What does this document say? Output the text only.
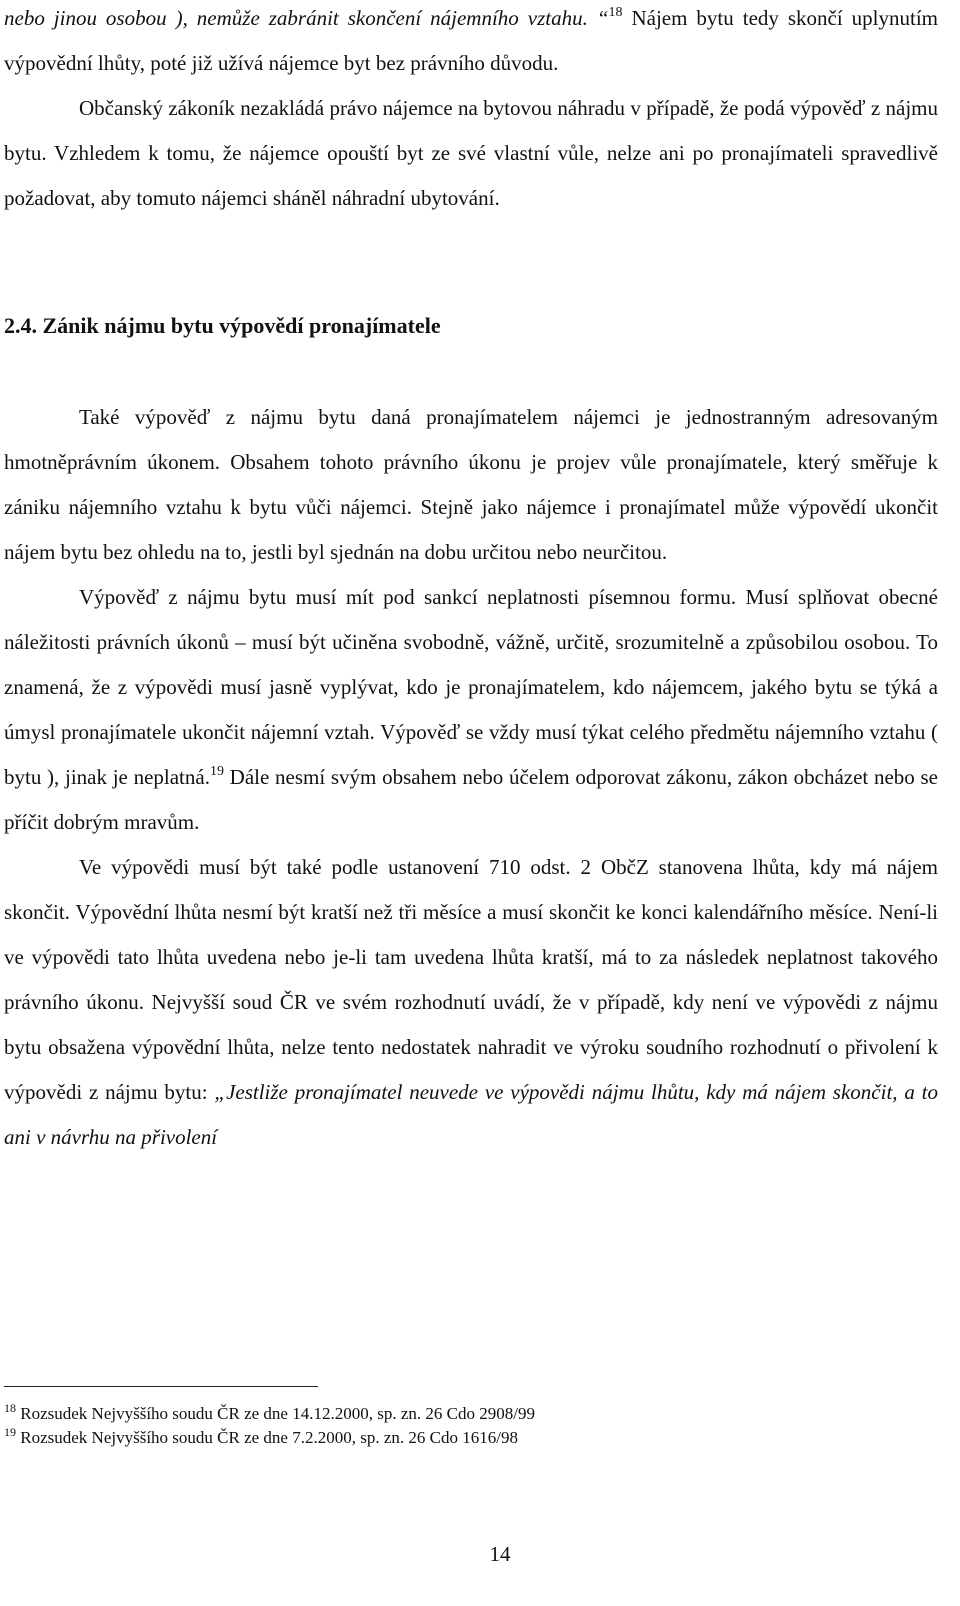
nebo jinou osobou ), nemůže zabránit skončení nájemního vztahu. “$^{18}$ Nájem bytu tedy skončí uplynutím výpovědní lhůty, poté již užívá nájemce byt bez právního důvodu.

Občanský zákoník nezakládá právo nájemce na bytovou náhradu v případě, že podá výpověď z nájmu bytu. Vzhledem k tomu, že nájemce opouští byt ze své vlastní vůle, nelze ani po pronajímateli spravedlivě požadovat, aby tomuto nájemci sháněl náhradní ubytování.

2.4. Zánik nájmu bytu výpovědí pronajímatele

Také výpověď z nájmu bytu daná pronajímatelem nájemci je jednostranným adresovaným hmotněprávním úkonem. Obsahem tohoto právního úkonu je projev vůle pronajímatele, který směřuje k zániku nájemního vztahu k bytu vůči nájemci. Stejně jako nájemce i pronajímatel může výpovědí ukončit nájem bytu bez ohledu na to, jestli byl sjednán na dobu určitou nebo neurčitou.

Výpověď z nájmu bytu musí mít pod sankcí neplatnosti písemnou formu. Musí splňovat obecné náležitosti právních úkonů – musí být učiněna svobodně, vážně, určitě, srozumitelně a způsobilou osobou. To znamená, že z výpovědi musí jasně vyplývat, kdo je pronajímatelem, kdo nájemcem, jakého bytu se týká a úmysl pronajímatele ukončit nájemní vztah. Výpověď se vždy musí týkat celého předmětu nájemního vztahu ( bytu ), jinak je neplatná.$^{19}$ Dále nesmí svým obsahem nebo účelem odporovat zákonu, zákon obcházet nebo se příčit dobrým mravům.

Ve výpovědi musí být také podle ustanovení 710 odst. 2 ObčZ stanovena lhůta, kdy má nájem skončit. Výpovědní lhůta nesmí být kratší než tři měsíce a musí skončit ke konci kalendářního měsíce. Není-li ve výpovědi tato lhůta uvedena nebo je-li tam uvedena lhůta kratší, má to za následek neplatnost takového právního úkonu. Nejvyšší soud ČR ve svém rozhodnutí uvádí, že v případě, kdy není ve výpovědi z nájmu bytu obsažena výpovědní lhůta, nelze tento nedostatek nahradit ve výroku soudního rozhodnutí o přivolení k výpovědi z nájmu bytu: „Jestliže pronajímatel neuvede ve výpovědi nájmu lhůtu, kdy má nájem skončit, a to ani v návrhu na přivolení

$^{18}$ Rozsudek Nejvyššího soudu ČR ze dne 14.12.2000, sp. zn. 26 Cdo 2908/99
$^{19}$ Rozsudek Nejvyššího soudu ČR ze dne 7.2.2000, sp. zn. 26 Cdo 1616/98
14
